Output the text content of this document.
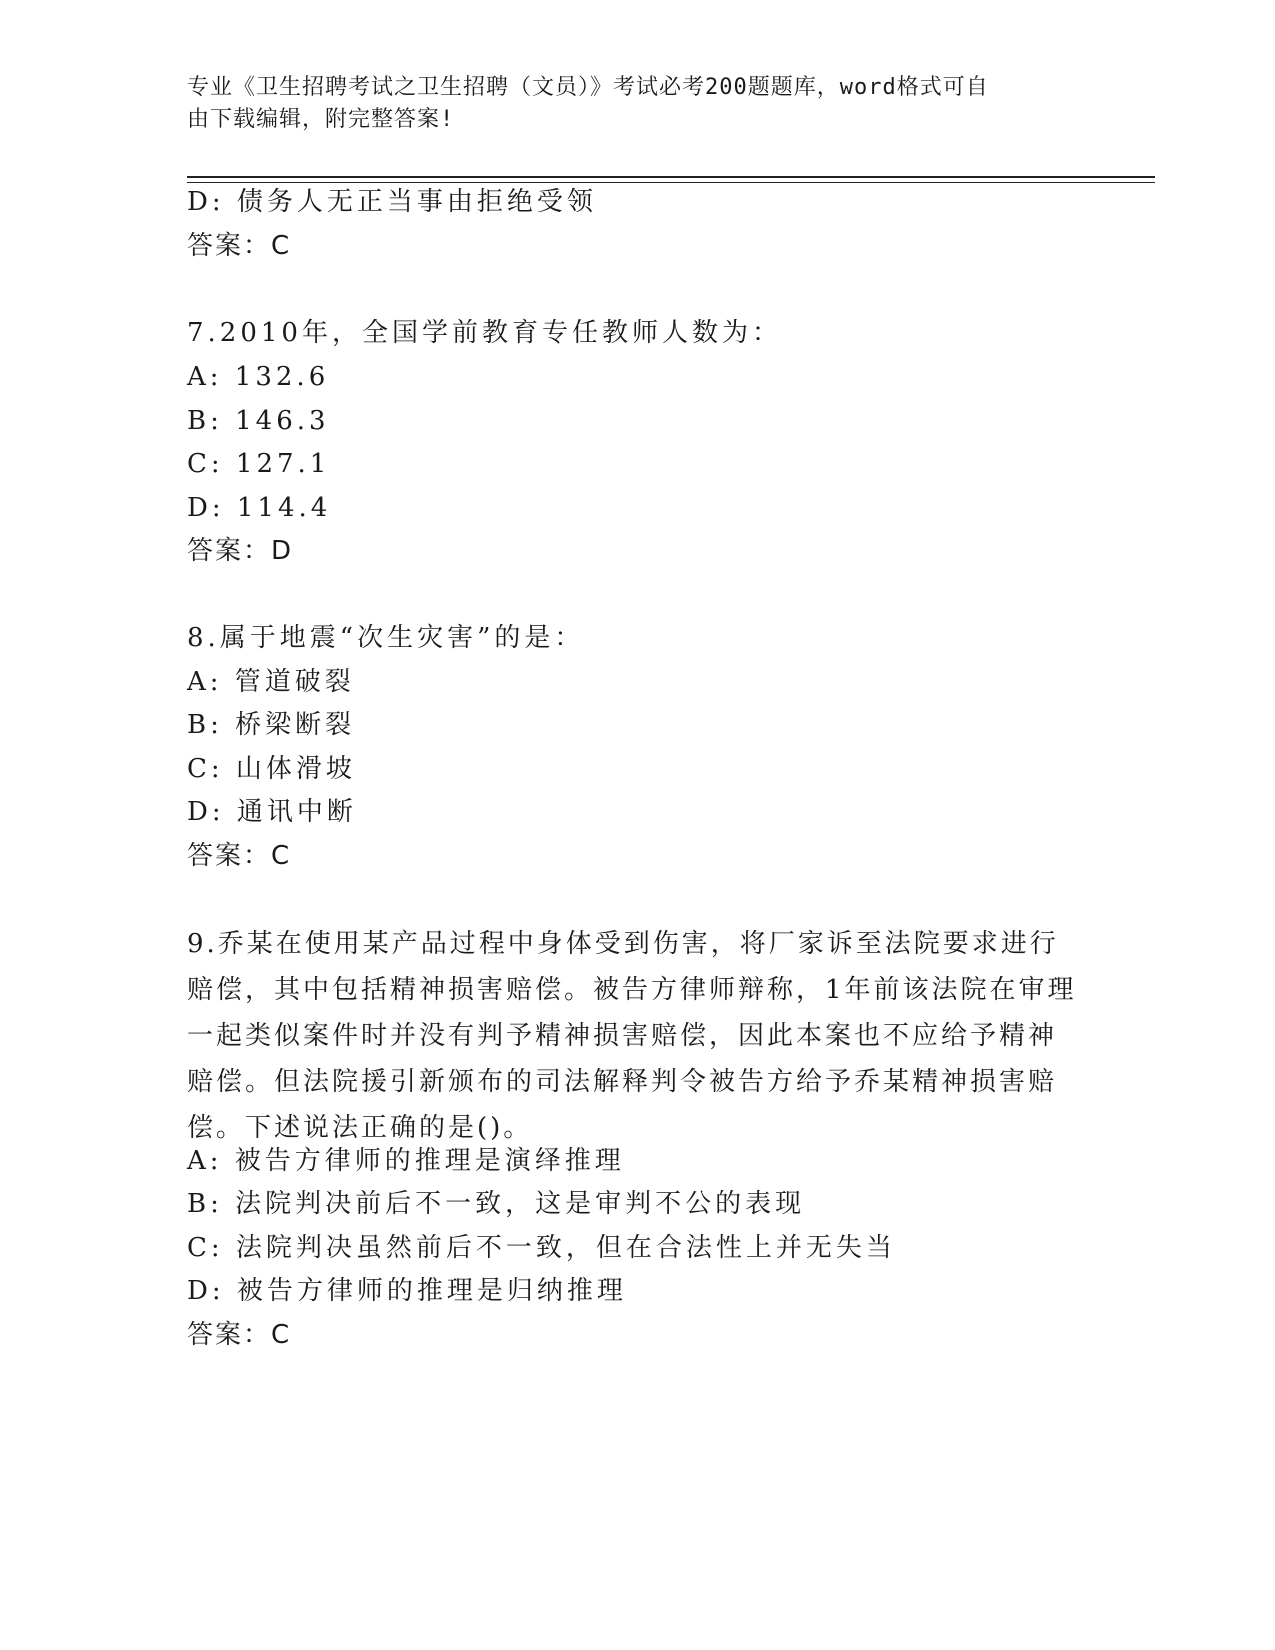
专业《卫生招聘考试之卫生招聘（文员）》考试必考200题题库，word格式可自
由下载编辑，附完整答案!
D: 债务人无正当事由拒绝受领
答案：C
7.2010年，全国学前教育专任教师人数为：
A: 132.6
B: 146.3
C: 127.1
D: 114.4
答案：D
8.属于地震“次生灾害”的是：
A: 管道破裂
B: 桥梁断裂
C: 山体滑坡
D: 通讯中断
答案：C
9.乔某在使用某产品过程中身体受到伤害，将厂家诉至法院要求进行
赔偿，其中包括精神损害赔偿。被告方律师辩称，1年前该法院在审理
一起类似案件时并没有判予精神损害赔偿，因此本案也不应给予精神
赔偿。但法院援引新颁布的司法解释判令被告方给予乔某精神损害赔
偿。下述说法正确的是()。
A: 被告方律师的推理是演绎推理
B: 法院判决前后不一致，这是审判不公的表现
C: 法院判决虽然前后不一致，但在合法性上并无失当
D: 被告方律师的推理是归纳推理
答案：C
